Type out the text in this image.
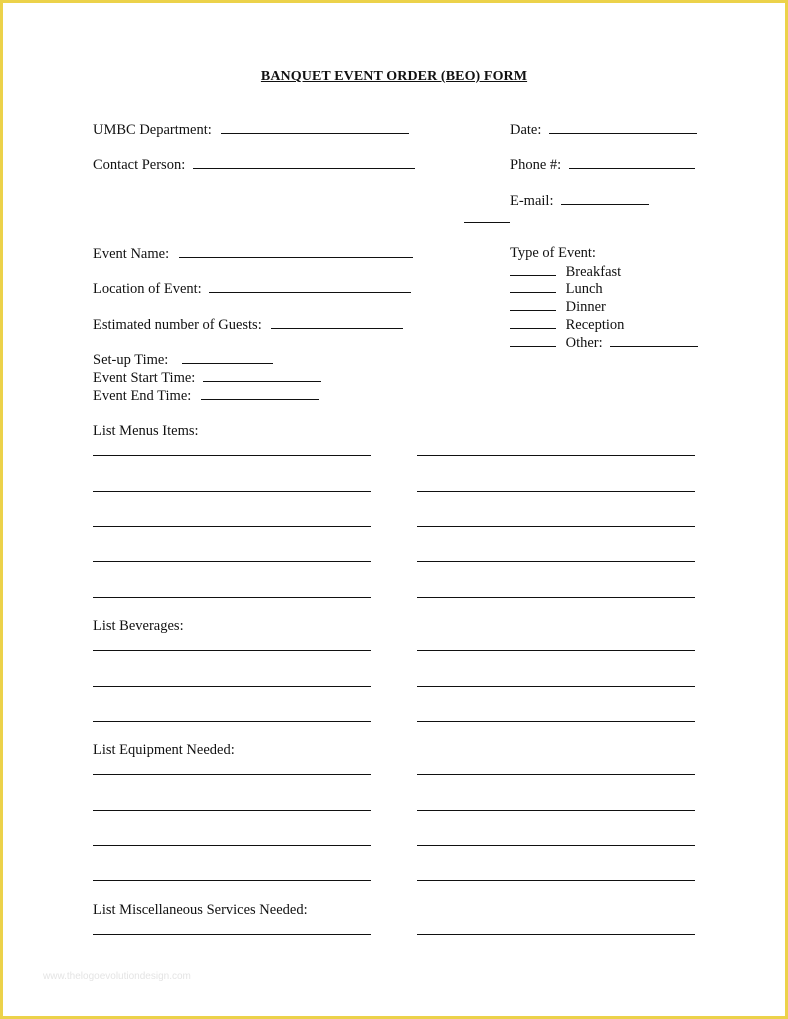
BANQUET EVENT ORDER (BEO) FORM
UMBC Department:	Date:
Contact Person:	Phone #:
E-mail:
Event Name:
Location of Event:
Estimated number of Guests:
Set-up Time:
Event Start Time:
Event End Time:
Type of Event:
Breakfast
Lunch
Dinner
Reception
Other:
List Menus Items:
List Beverages:
List Equipment Needed:
List Miscellaneous Services Needed:
www.thelogoevolutiondesign.com
